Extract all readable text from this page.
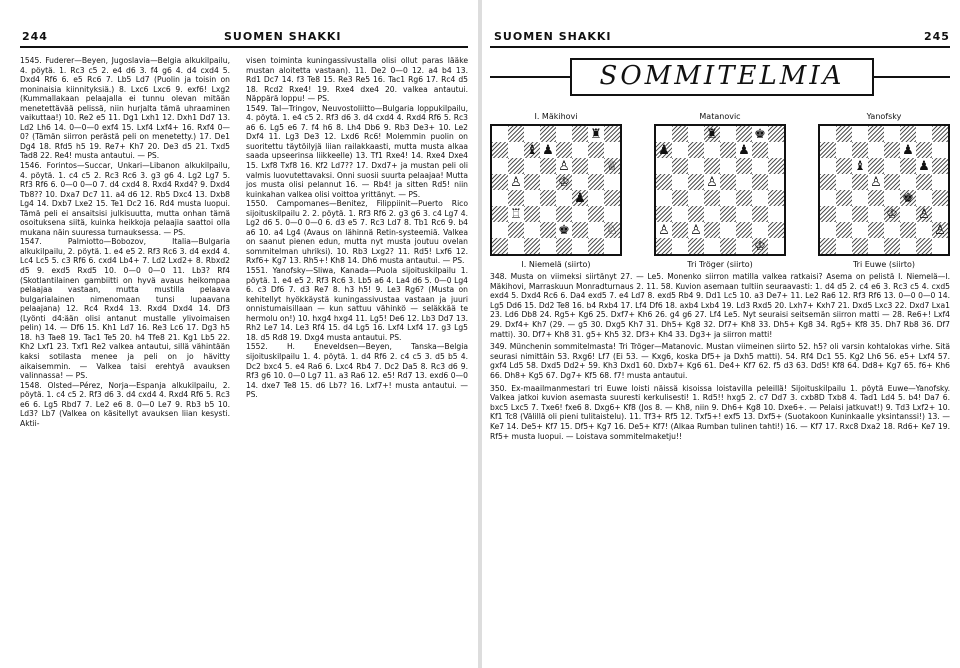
244	SUOMEN SHAKKI

1545. Fuderer—Beyen, Jugoslavia—Belgia alkukilpailu, 4. pöytä. 1. Rc3 c5 2. e4 d6 3. f4 g6 4. d4 cxd4 5. Dxd4 Rf6 6. e5 Rc6 7. Lb5 Ld7 (Puolin ja toisin on moninaisia kiinnityksiä.) 8. Lxc6 Lxc6 9. exf6! Lxg2 (Kummallakaan pelaajalla ei tunnu olevan mitään menetettävää pelissä, niin hurjalta tämä uhraaminen vaikuttaa!) 10. Re2 e5 11. Dg1 Lxh1 12. Dxh1 Dd7 13. Ld2 Lh6 14. 0—0—0 exf4 15. Lxf4 Lxf4+ 16. Rxf4 0—0? (Tämän siirron perästä peli on menetetty.) 17. De1 Dg4 18. Rfd5 h5 19. Re7+ Kh7 20. De3 d5 21. Txd5 Tad8 22. Re4! musta antautui. — PS.

1546. Forintos—Succar, Unkari—Libanon alkukilpailu, 4. pöytä. 1. c4 c5 2. Rc3 Rc6 3. g3 g6 4. Lg2 Lg7 5. Rf3 Rf6 6. 0—0 0—0 7. d4 cxd4 8. Rxd4 Rxd4? 9. Dxd4 Tb8?? 10. Dxa7 Dc7 11. a4 d6 12. Rb5 Dxc4 13. Dxb8 Lg4 14. Dxb7 Lxe2 15. Te1 Dc2 16. Rd4 musta luopui. Tämä peli ei ansaitsisi julkisuutta, mutta onhan tämä osoituksena siitä, kuinka heikkoja pelaajia saattoi olla mukana näin suuressa turnauksessa. — PS.

1547. Palmiotto—Bobozov, Italia—Bulgaria alkukilpailu, 2. pöytä. 1. e4 e5 2. Rf3 Rc6 3. d4 exd4 4. Lc4 Lc5 5. c3 Rf6 6. cxd4 Lb4+ 7. Ld2 Lxd2+ 8. Rbxd2 d5 9. exd5 Rxd5 10. 0—0 0—0 11. Lb3? Rf4 (Skotlantilainen gambiitti on hyvä avaus heikompaa pelaajaa vastaan, mutta mustilla pelaava bulgarialainen nimenomaan tunsi lupaavana pelaajana) 12. Rc4 Rxd4 13. Rxd4 Dxd4 14. Df3 (Lyönti d4:ään olisi antanut mustalle ylivoimaisen pelin) 14. — Df6 15. Kh1 Ld7 16. Re3 Lc6 17. Dg3 h5 18. h3 Tae8 19. Tac1 Te5 20. h4 Tfe8 21. Kg1 Lb5 22. Kh2 Lxf1 23. Txf1 Re2 valkea antautui, sillä vähintään kaksi sotilasta menee ja peli on jo hävitty aikaisemmin. — Valkea taisi erehtyä avauksen valinnassa! — PS.

1548. Olsted—Pérez, Norja—Espanja alkukilpailu, 2. pöytä. 1. c4 c5 2. Rf3 d6 3. d4 cxd4 4. Rxd4 Rf6 5. Rc3 e6 6. Lg5 Rbd7 7. Le2 e6 8. 0—0 Le7 9. Rb3 b5 10. Ld3? Lb7 (Valkea on käsitellyt avauksen liian kesysti. Aktii-

visen toiminta kuningassivustalla olisi ollut paras lääke mustan aloitetta vastaan). 11. De2 0—0 12. a4 b4 13. Rd1 Dc7 14. f3 Te8 15. Re3 Re5 16. Tac1 Rg6 17. Rc4 d5 18. Rcd2 Rxe4! 19. Rxe4 dxe4 20. valkea antautui. Näppärä loppu! — PS.

1549. Tal—Tringov, Neuvostoliitto—Bulgaria loppukilpailu, 4. pöytä. 1. e4 c5 2. Rf3 d6 3. d4 cxd4 4. Rxd4 Rf6 5. Rc3 a6 6. Lg5 e6 7. f4 h6 8. Lh4 Db6 9. Rb3 De3+ 10. Le2 Dxf4 11. Lg3 De3 12. Lxd6 Rc6! Molemmin puolin on suoritettu täytöilyjä liian railakkaasti, mutta musta alkaa saada upseerinsa liikkeelle) 13. Tf1 Rxe4! 14. Rxe4 Dxe4 15. Lxf8 Txf8 16. Kf2 Ld7?? 17. Dxd7+ ja mustan peli oli valmis luovutettavaksi. Onni suosii suurta pelaajaa! Mutta jos musta olisi pelannut 16. — Rb4! ja sitten Rd5! niin kuinkahan valkea olisi voittoa yrittänyt. — PS.

1550. Campomanes—Benitez, Filippiinit—Puerto Rico sijoituskilpailu 2. 2. pöytä. 1. Rf3 Rf6 2. g3 g6 3. c4 Lg7 4. Lg2 d6 5. 0—0 0—0 6. d3 e5 7. Rc3 Ld7 8. Tb1 Rc6 9. b4 a6 10. a4 Lg4 (Avaus on lähinnä Retin-systeemiä. Valkea on saanut pienen edun, mutta nyt musta joutuu ovelan sommitelman uhriksi). 10. Rb3 Lxg2? 11. Rd5! Lxf6 12. Rxf6+ Kg7 13. Rh5+! Kh8 14. Dh6 musta antautui. — PS.

1551. Yanofsky—Sliwa, Kanada—Puola sijoituskilpailu 1. pöytä. 1. e4 e5 2. Rf3 Rc6 3. Lb5 a6 4. La4 d6 5. 0—0 Lg4 6. c3 Df6 7. d3 Re7 8. h3 h5! 9. Le3 Rg6? (Musta on kehitellyt hyökkäystä kuningassivustaa vastaan ja juuri onnistumaisillaan — kun sattuu vähinkö — seläkkää te hermolu on!) 10. hxg4 hxg4 11. Lg5! De6 12. Lb3 Dd7 13. Rh2 Le7 14. Le3 Rf4 15. d4 Lg5 16. Lxf4 Lxf4 17. g3 Lg5 18. d5 Rd8 19. Dxg4 musta antautui. PS.

1552. H. Eneveldsen—Beyen, Tanska—Belgia sijoituskilpailu 1. 4. pöytä. 1. d4 Rf6 2. c4 c5 3. d5 b5 4. Dc2 bxc4 5. e4 Ra6 6. Lxc4 Rb4 7. Dc2 Da5 8. Rc3 d6 9. Rf3 g6 10. 0—0 Lg7 11. a3 Ra6 12. e5! Rd7 13. exd6 0—0 14. dxe7 Te8 15. d6 Lb7? 16. Lxf7+! musta antautui. — PS.

SUOMEN SHAKKI	245
SOMMITELMIA
I. Mäkihovi
♜
♝ ♟
♙	♕
♙	♔
♟
♖
♚	♘
I. Niemelä (siirto)
Matanovic
♜	♚
♟	♟
♙
♙ ♙
♔
Tri Tröger (siirto)
Yanofsky
♟
♝	♟
♙
♚
♔ ♙
♙
Tri Euwe (siirto)

348. Musta on viimeksi siirtänyt 27. — Le5. Monenko siirron matilla valkea ratkaisi? Asema on pelistä I. Niemelä—I. Mäkihovi, Marraskuun Monradturnaus 2. 11. 58. Kuvion asemaan tultiin seuraavasti: 1. d4 d5 2. c4 e6 3. Rc3 c5 4. cxd5 exd4 5. Dxd4 Rc6 6. Da4 exd5 7. e4 Ld7 8. exd5 Rb4 9. Dd1 Lc5 10. a3 De7+ 11. Le2 Ra6 12. Rf3 Rf6 13. 0—0 0—0 14. Lg5 Dd6 15. Dd2 Te8 16. b4 Rxb4 17. Lf4 Df6 18. axb4 Lxb4 19. Ld3 Rxd5 20. Lxh7+ Kxh7 21. Dxd5 Lxc3 22. Dxd7 Lxa1 23. Ld6 Db8 24. Rg5+ Kg6 25. Dxf7+ Kh6 26. g4 g6 27. Lf4 Le5. Nyt seuraisi seitsemän siirron matti — 28. Re6+! Lxf4 29. Dxf4+ Kh7 (29. — g5 30. Dxg5 Kh7 31. Dh5+ Kg8 32. Df7+ Kh8 33. Dh5+ Kg8 34. Rg5+ Kf8 35. Dh7 Rb8 36. Df7 matti). 30. Df7+ Kh8 31. g5+ Kh5 32. Df3+ Kh4 33. Dg3+ ja siirron matti!

349. Münchenin sommitelmasta! Tri Tröger—Matanovic. Mustan viimeinen siirto 52. h5? oli varsin kohtalokas virhe. Sitä seurasi nimittäin 53. Rxg6! Lf7 (Ei 53. — Kxg6, koska Df5+ ja Dxh5 matti). 54. Rf4 Dc1 55. Kg2 Lh6 56. e5+ Lxf4 57. gxf4 Ld5 58. Dxd5 Dd2+ 59. Kh3 Dxd1 60. Dxb7+ Kg6 61. De4+ Kf7 62. f5 d3 63. Dd5! Kf8 64. Dd8+ Kg7 65. f6+ Kh6 66. Dh8+ Kg5 67. Dg7+ Kf5 68. f7! musta antautui.

350. Ex-maailmanmestari tri Euwe loisti näissä kisoissa loistavilla peleillä! Sijoituskilpailu 1. pöytä Euwe—Yanofsky. Valkea jatkoi kuvion asemasta suuresti kerkulisesti! 1. Rd5!! hxg5 2. c7 Dd7 3. cxb8D Txb8 4. Tad1 Ld4 5. b4! Da7 6. bxc5 Lxc5 7. Txe6! fxe6 8. Dxg6+ Kf8 (Jos 8. — Kh8, niin 9. Dh6+ Kg8 10. Dxe6+. — Pelaisi jatkuvat!) 9. Td3 Lxf2+ 10. Kf1 Tc8 (Välillä oli pieni tulitaistelu). 11. Tf3+ Rf5 12. Txf5+! exf5 13. Dxf5+ (Suotakoon Kuninkaalle yksintanssi!) 13. — Ke7 14. De5+ Kf7 15. Df5+ Kg7 16. De5+ Kf7! (Alkaa Rumban tulinen tahti!) 16. — Kf7 17. Rxc8 Dxa2 18. Rd6+ Ke7 19. Rf5+ musta luopui. — Loistava sommitelmaketju!!
